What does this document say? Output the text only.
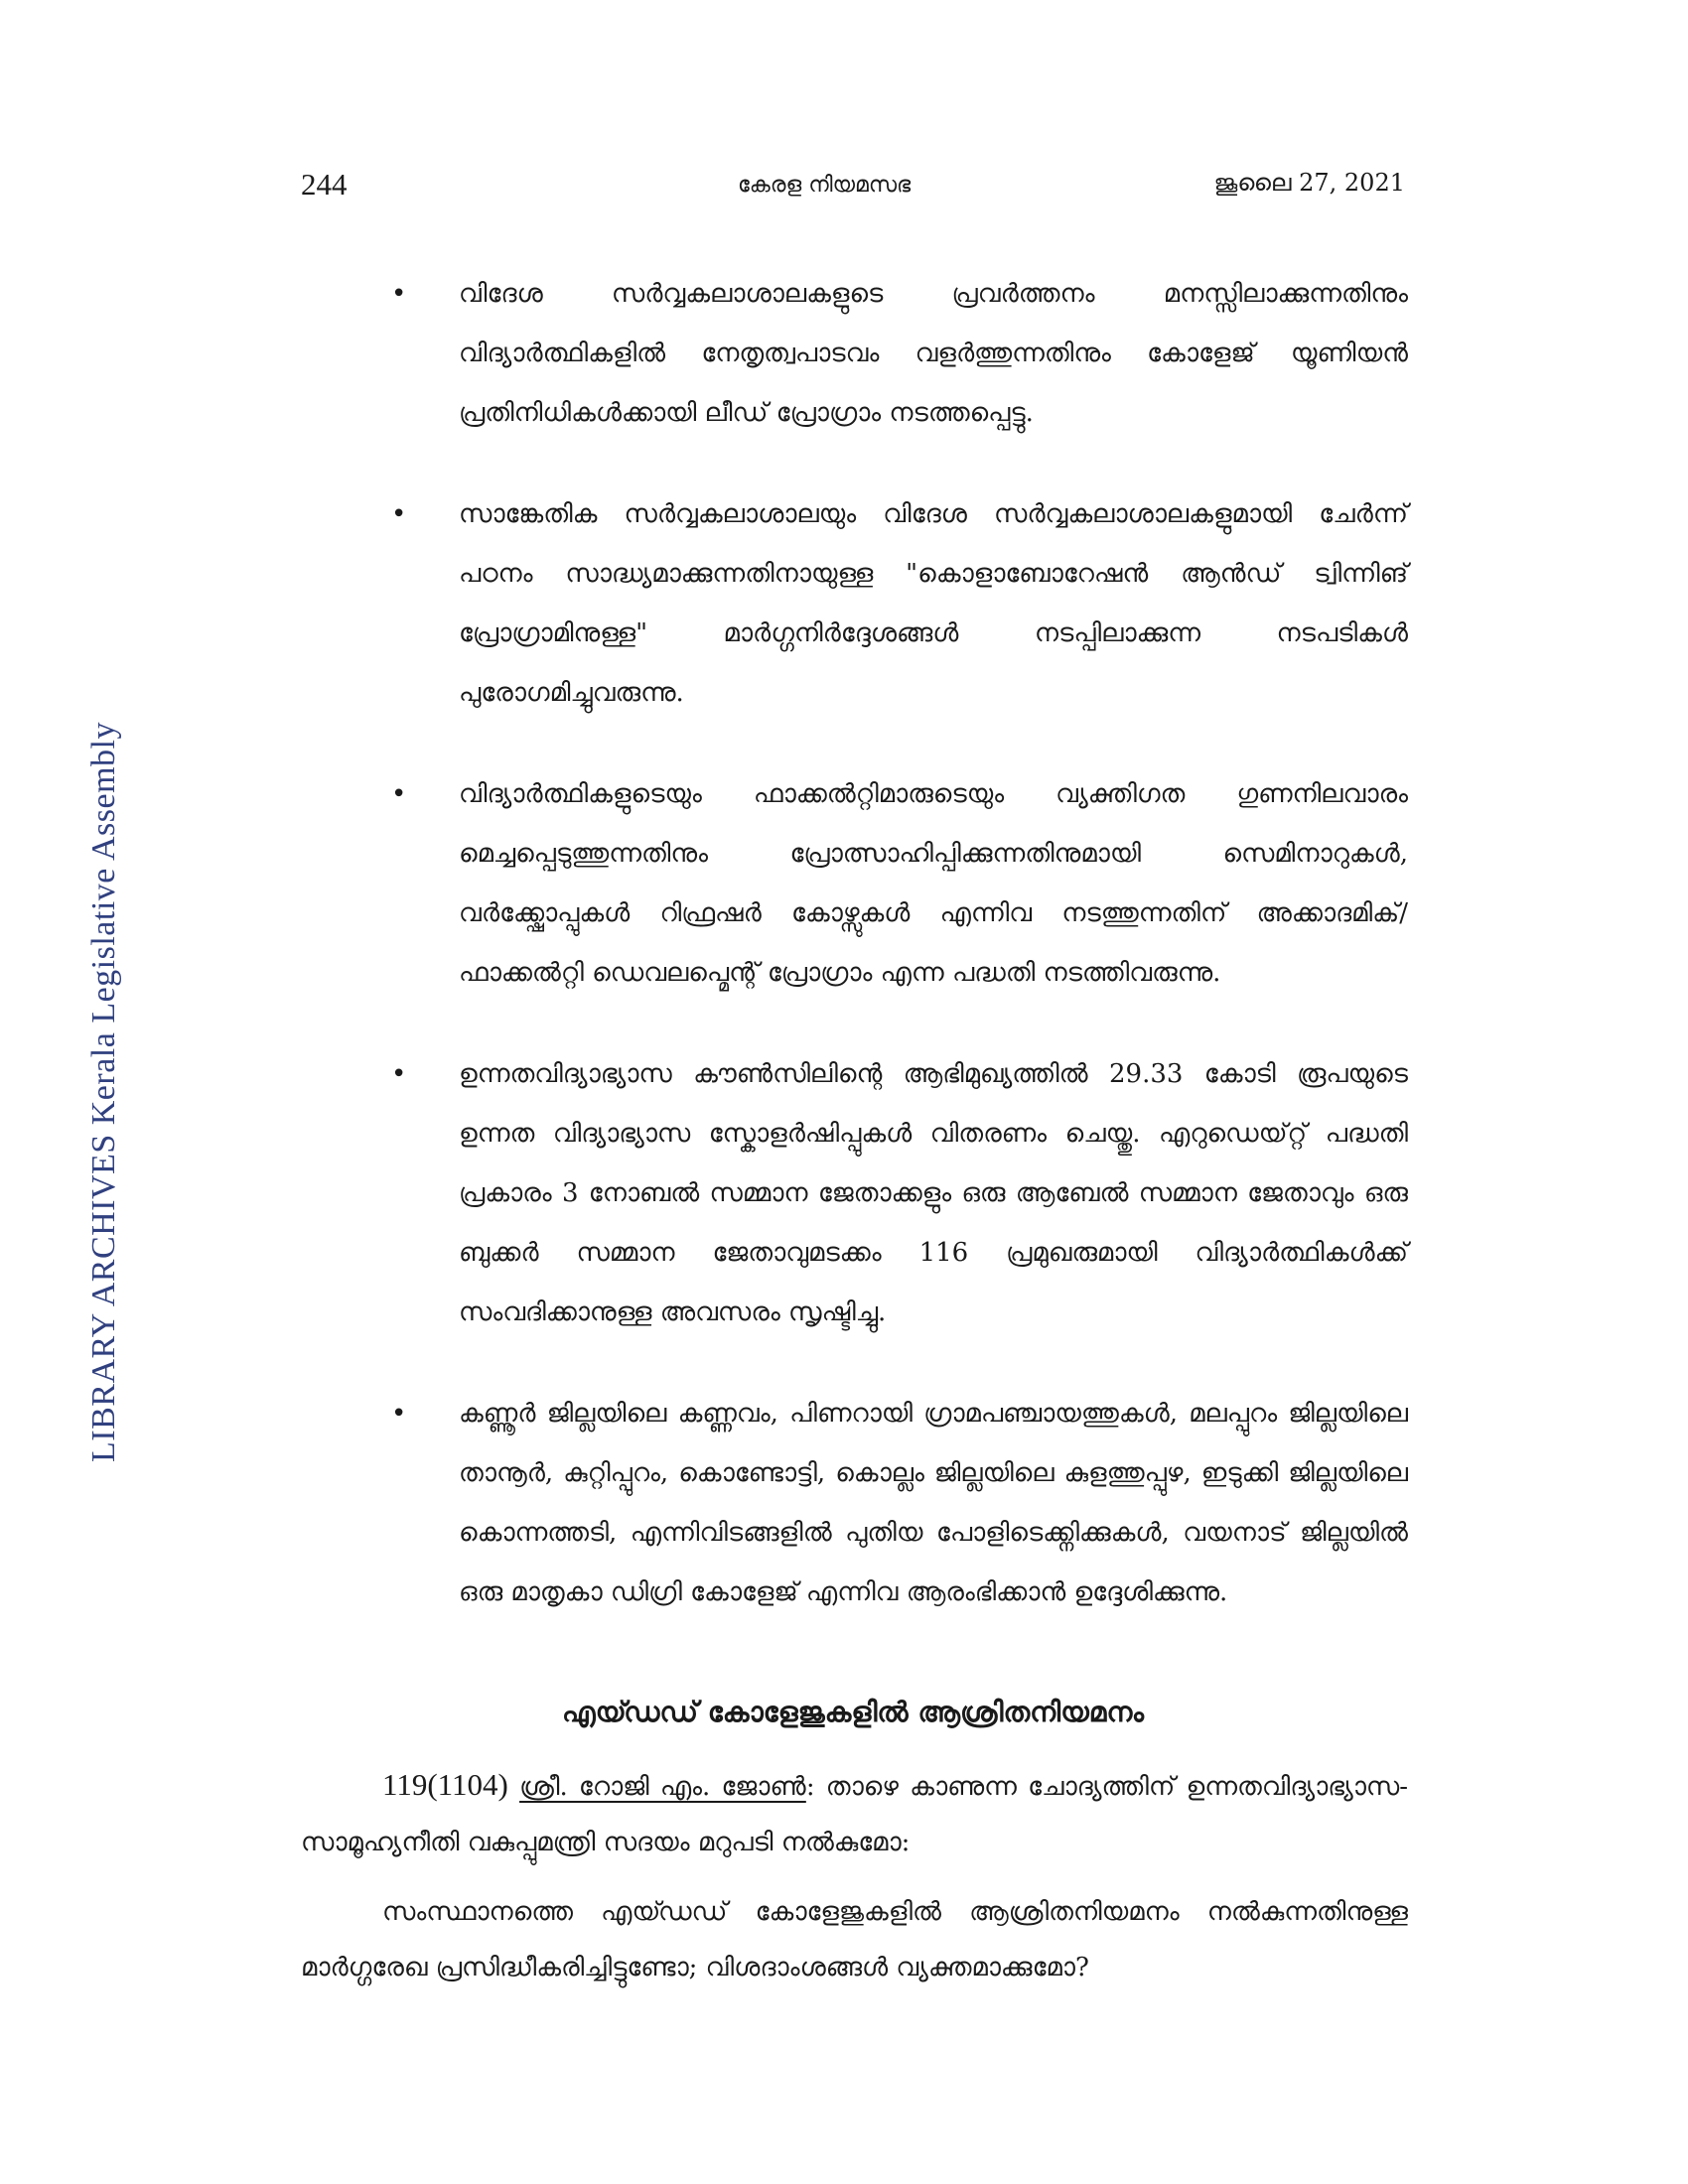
LIBRARY ARCHIVES Kerala Legislative Assembly
244	കേരള നിയമസഭ	ജൂലൈ 27, 2021
• വിദേശ സർവ്വകലാശാലകളുടെ പ്രവർത്തനം മനസ്സിലാക്കുന്നതിനും വിദ്യാർത്ഥികളിൽ നേതൃത്വപാടവം വളർത്തുന്നതിനും കോളേജ് യൂണിയൻ പ്രതിനിധികൾക്കായി ലീഡ് പ്രോഗ്രാം നടത്തപ്പെട്ടു.
• സാങ്കേതിക സർവ്വകലാശാലയും വിദേശ സർവ്വകലാശാലകളുമായി ചേർന്ന് പഠനം സാദ്ധ്യമാക്കുന്നതിനായുള്ള "കൊളാബോറേഷൻ ആൻഡ് ട്വിന്നിങ് പ്രോഗ്രാമിനുള്ള" മാർഗ്ഗനിർദ്ദേശങ്ങൾ നടപ്പിലാക്കുന്ന നടപടികൾ പുരോഗമിച്ചുവരുന്നു.
• വിദ്യാർത്ഥികളുടെയും ഫാക്കൽറ്റിമാരുടെയും വ്യക്തിഗത ഗുണനിലവാരം മെച്ചപ്പെടുത്തുന്നതിനും പ്രോത്സാഹിപ്പിക്കുന്നതിനുമായി സെമിനാറുകൾ, വർക്ക്ഷോപ്പുകൾ റിഫ്രഷർ കോഴ്സുകൾ എന്നിവ നടത്തുന്നതിന് അക്കാദമിക്/ഫാക്കൽറ്റി ഡെവലപ്മെന്റ് പ്രോഗ്രാം എന്ന പദ്ധതി നടത്തിവരുന്നു.
• ഉന്നതവിദ്യാഭ്യാസ കൗൺസിലിന്റെ ആഭിമുഖ്യത്തിൽ 29.33 കോടി രൂപയുടെ ഉന്നത വിദ്യാഭ്യാസ സ്കോളർഷിപ്പുകൾ വിതരണം ചെയ്തു. എറുഡെയ്റ്റ് പദ്ധതി പ്രകാരം 3 നോബൽ സമ്മാന ജേതാക്കളും ഒരു ആബേൽ സമ്മാന ജേതാവും ഒരു ബുക്കർ സമ്മാന ജേതാവുമടക്കം 116 പ്രമുഖരുമായി വിദ്യാർത്ഥികൾക്ക് സംവദിക്കാനുള്ള അവസരം സൃഷ്ടിച്ചു.
• കണ്ണൂർ ജില്ലയിലെ കണ്ണവം, പിണറായി ഗ്രാമപഞ്ചായത്തുകൾ, മലപ്പുറം ജില്ലയിലെ താനൂർ, കുറ്റിപ്പുറം, കൊണ്ടോട്ടി, കൊല്ലം ജില്ലയിലെ കുളത്തുപ്പുഴ, ഇടുക്കി ജില്ലയിലെ കൊന്നത്തടി, എന്നിവിടങ്ങളിൽ പുതിയ പോളിടെക്ക്നിക്കുകൾ, വയനാട് ജില്ലയിൽ ഒരു മാതൃകാ ഡിഗ്രി കോളേജ് എന്നിവ ആരംഭിക്കാൻ ഉദ്ദേശിക്കുന്നു.
എയ്ഡഡ് കോളേജുകളിൽ ആശ്രിതനിയമനം

119(1104) ശ്രീ. റോജി എം. ജോൺ: താഴെ കാണുന്ന ചോദ്യത്തിന് ഉന്നതവിദ്യാഭ്യാസ-സാമൂഹ്യനീതി വകുപ്പുമന്ത്രി സദയം മറുപടി നൽകുമോ:

സംസ്ഥാനത്തെ എയ്ഡഡ് കോളേജുകളിൽ ആശ്രിതനിയമനം നൽകുന്നതിനുള്ള മാർഗ്ഗരേഖ പ്രസിദ്ധീകരിച്ചിട്ടുണ്ടോ; വിശദാംശങ്ങൾ വ്യക്തമാക്കുമോ?
